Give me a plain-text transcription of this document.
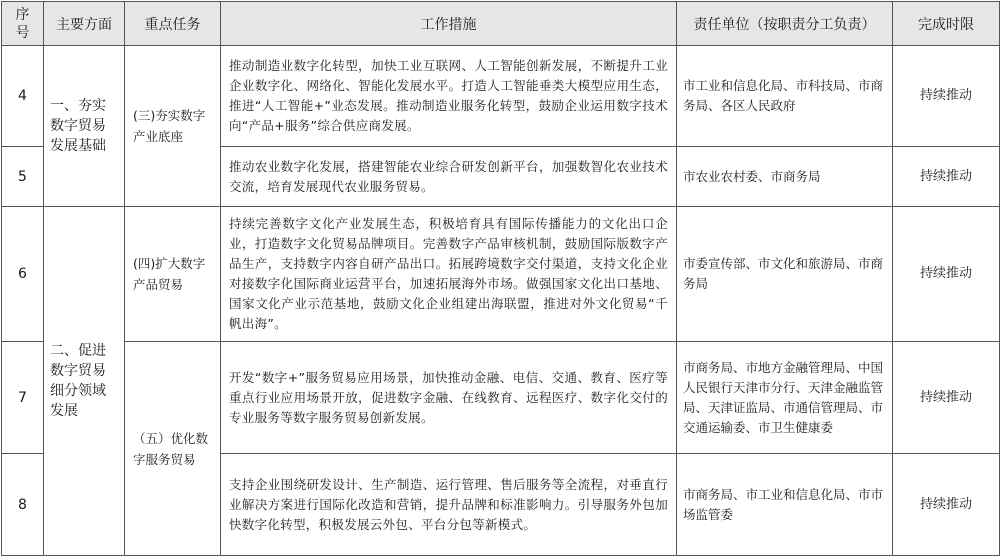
序号	主要方面	重点任务	工作措施	责任单位（按职责分工负责）	完成时限
4	一、夯实数字贸易发展基础	(三)夯实数字产业底座	推动制造业数字化转型，加快工业互联网、人工智能创新发展，不断提升工业企业数字化、网络化、智能化发展水平。打造人工智能垂类大模型应用生态，推进“人工智能+”业态发展。推动制造业服务化转型，鼓励企业运用数字技术向“产品+服务”综合供应商发展。	市工业和信息化局、市科技局、市商务局、各区人民政府	持续推动
5			推动农业数字化发展，搭建智能农业综合研发创新平台，加强数智化农业技术交流，培育发展现代农业服务贸易。	市农业农村委、市商务局	持续推动
6	二、促进数字贸易细分领域发展	(四)扩大数字产品贸易	持续完善数字文化产业发展生态，积极培育具有国际传播能力的文化出口企业，打造数字文化贸易品牌项目。完善数字产品审核机制，鼓励国际版数字产品生产，支持数字内容自研产品出口。拓展跨境数字交付渠道，支持文化企业对接数字化国际商业运营平台，加速拓展海外市场。做强国家文化出口基地、国家文化产业示范基地，鼓励文化企业组建出海联盟，推进对外文化贸易“千帆出海”。	市委宣传部、市文化和旅游局、市商务局	持续推动
7		（五）优化数字服务贸易	开发“数字+”服务贸易应用场景，加快推动金融、电信、交通、教育、医疗等重点行业应用场景开放，促进数字金融、在线教育、远程医疗、数字化交付的专业服务等数字服务贸易创新发展。	市商务局、市地方金融管理局、中国人民银行天津市分行、天津金融监管局、天津证监局、市通信管理局、市交通运输委、市卫生健康委	持续推动
8			支持企业围绕研发设计、生产制造、运行管理、售后服务等全流程，对垂直行业解决方案进行国际化改造和营销，提升品牌和标准影响力。引导服务外包加快数字化转型，积极发展云外包、平台分包等新模式。	市商务局、市工业和信息化局、市市场监管委	持续推动
